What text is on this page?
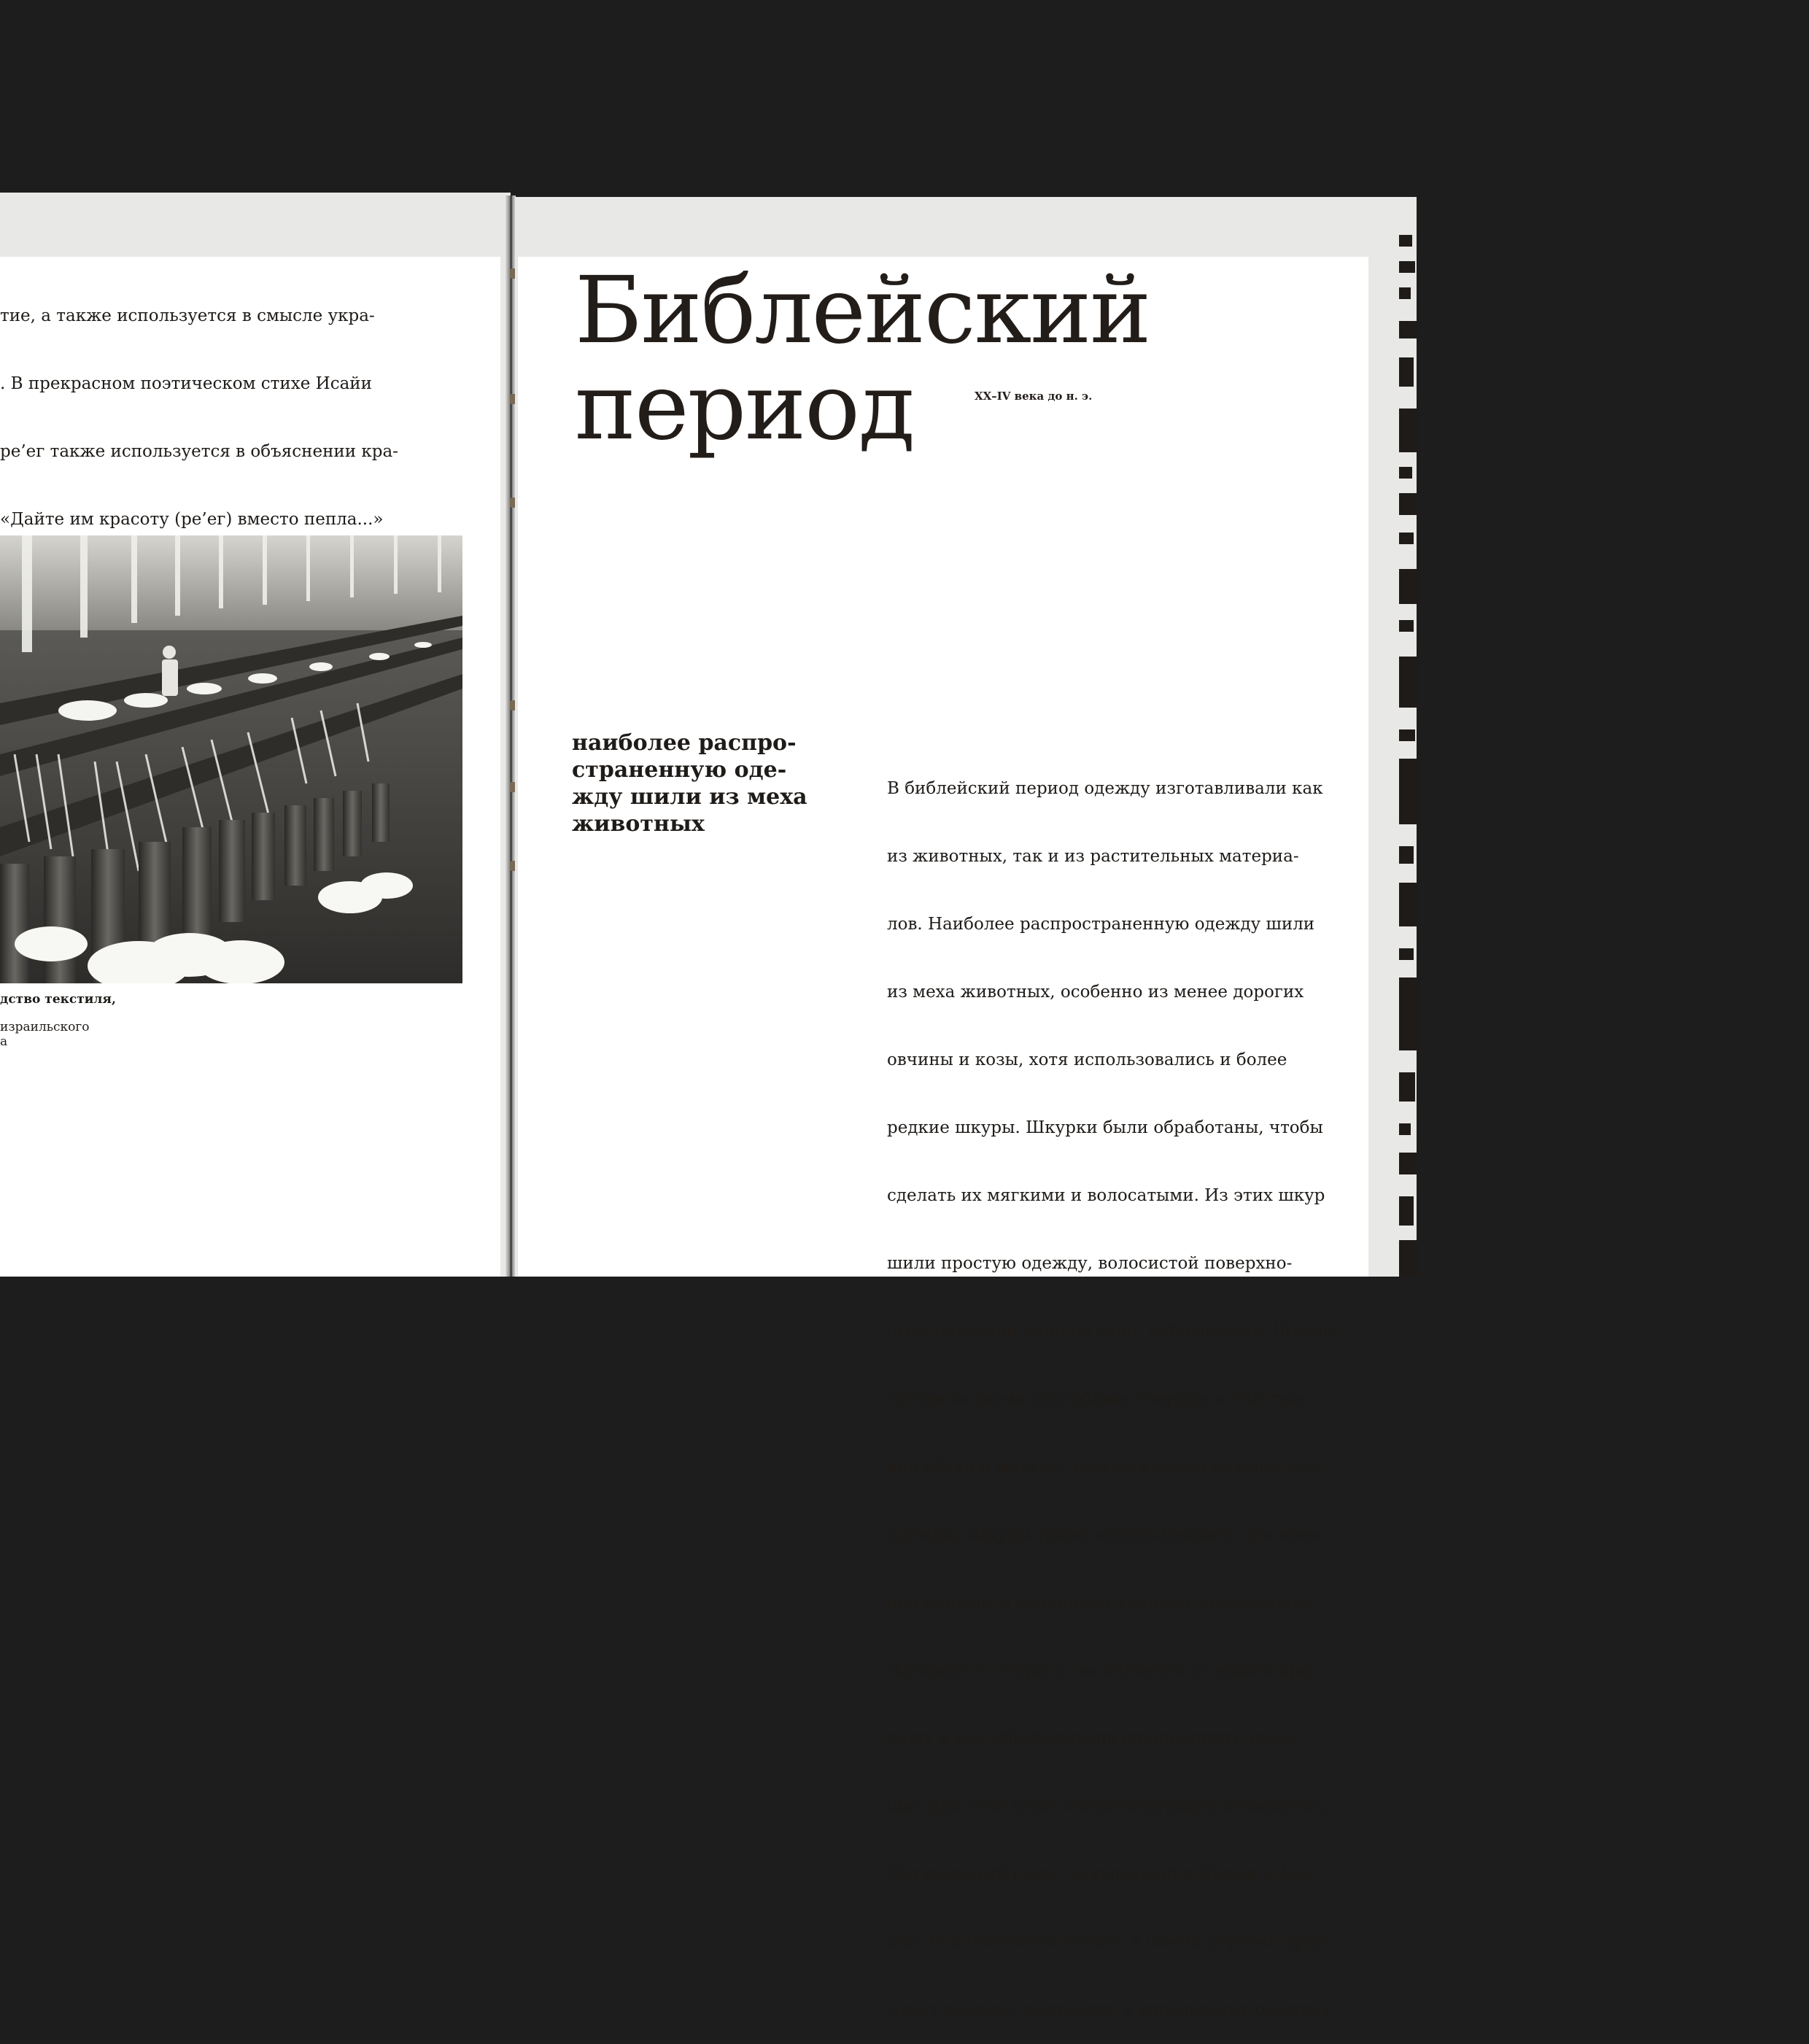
тие, а также используется в смысле укра-

. В прекрасном поэтическом стихе Исайи

ре’ег также используется в объяснении кра-

«Дайте им красоту (ре’ег) вместо пепла...»

дство текстиля,
израильского
а
Библейский
период	XX–IV века до н. э.
наиболее распро-
страненную оде-
жду шили из меха
животных

В библейский период одежду изготавливали как

из животных, так и из растительных материа-

лов. Наиболее распространенную одежду шили

из меха животных, особенно из менее дорогих

овчины и козы, хотя использовались и более

редкие шкуры. Шкурки были обработаны, чтобы

сделать их мягкими и волосатыми. Из этих шкур

шили простую одежду, волосистой поверхно-

стью надевали либо на тело, либо наружу. Шкуры

готовили двумя способами: твердые и толстые

для обуви и мягкие, тонкие и более нежные для

одежды. Шкуры также использовались для воен-

ной одежды и различных военных аксессуаров.

Начиная со второго тысячелетия до нашей эры,

кожу и мех обрабатывали специалисты, имев-

шие для этой цели соответствующие помещения.

Натуральный шелк, закупаемый в Индии и Ара-

вии, использовался только в самых дорогих пред-

метах одежды, например, в королевских одеждах.
